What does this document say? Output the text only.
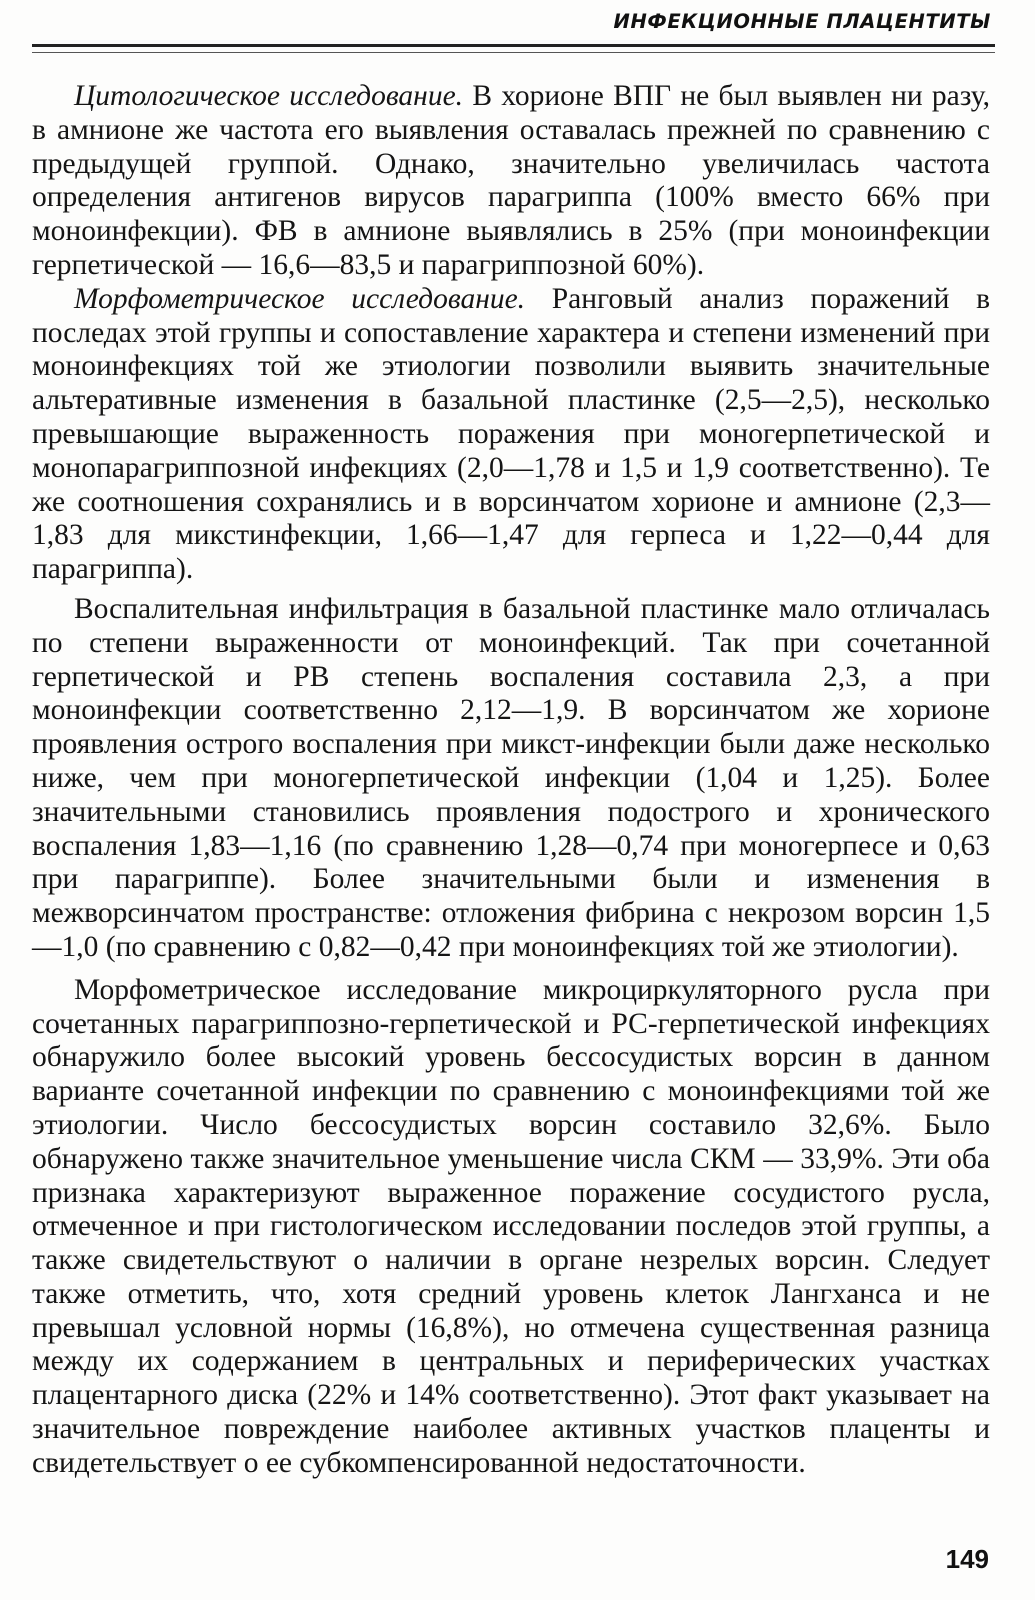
ИНФЕКЦИОННЫЕ ПЛАЦЕНТИТЫ

Цитологическое исследование. В хорионе ВПГ не был выявлен ни разу, в амнионе же частота его выявления оставалась прежней по сравнению с предыдущей группой. Однако, значительно увеличилась частота определения антигенов вирусов парагриппа (100% вместо 66% при моноинфекции). ФВ в амнионе выявлялись в 25% (при моноинфекции герпетической — 16,6—83,5 и парагриппозной 60%).

Морфометрическое исследование. Ранговый анализ поражений в последах этой группы и сопоставление характера и степени изменений при моноинфекциях той же этиологии позволили выявить значительные альтеративные изменения в базальной пластинке (2,5—2,5), несколько превышающие выраженность поражения при моногерпетической и монопарагриппозной инфекциях (2,0—1,78 и 1,5 и 1,9 соответственно). Те же соотношения сохранялись и в ворсинчатом хорионе и амнионе (2,3—1,83 для микстинфекции, 1,66—1,47 для герпеса и 1,22—0,44 для парагриппа).

Воспалительная инфильтрация в базальной пластинке мало отличалась по степени выраженности от моноинфекций. Так при сочетанной герпетической и РВ степень воспаления составила 2,3, а при моноинфекции соответственно 2,12—1,9. В ворсинчатом же хорионе проявления острого воспаления при микст-инфекции были даже несколько ниже, чем при моногерпетической инфекции (1,04 и 1,25). Более значительными становились проявления подострого и хронического воспаления 1,83—1,16 (по сравнению 1,28—0,74 при моногерпесе и 0,63 при парагриппе). Более значительными были и изменения в межворсинчатом пространстве: отложения фибрина с некрозом ворсин 1,5—1,0 (по сравнению с 0,82—0,42 при моноинфекциях той же этиологии).

Морфометрическое исследование микроциркуляторного русла при сочетанных парагриппозно-герпетической и РС-герпетической инфекциях обнаружило более высокий уровень бессосудистых ворсин в данном варианте сочетанной инфекции по сравнению с моноинфекциями той же этиологии. Число бессосудистых ворсин составило 32,6%. Было обнаружено также значительное уменьшение числа СКМ — 33,9%. Эти оба признака характеризуют выраженное поражение сосудистого русла, отмеченное и при гистологическом исследовании последов этой группы, а также свидетельствуют о наличии в органе незрелых ворсин. Следует также отметить, что, хотя средний уровень клеток Лангханса и не превышал условной нормы (16,8%), но отмечена существенная разница между их содержанием в центральных и периферических участках плацентарного диска (22% и 14% соответственно). Этот факт указывает на значительное повреждение наиболее активных участков плаценты и свидетельствует о ее субкомпенсированной недостаточности.

149
